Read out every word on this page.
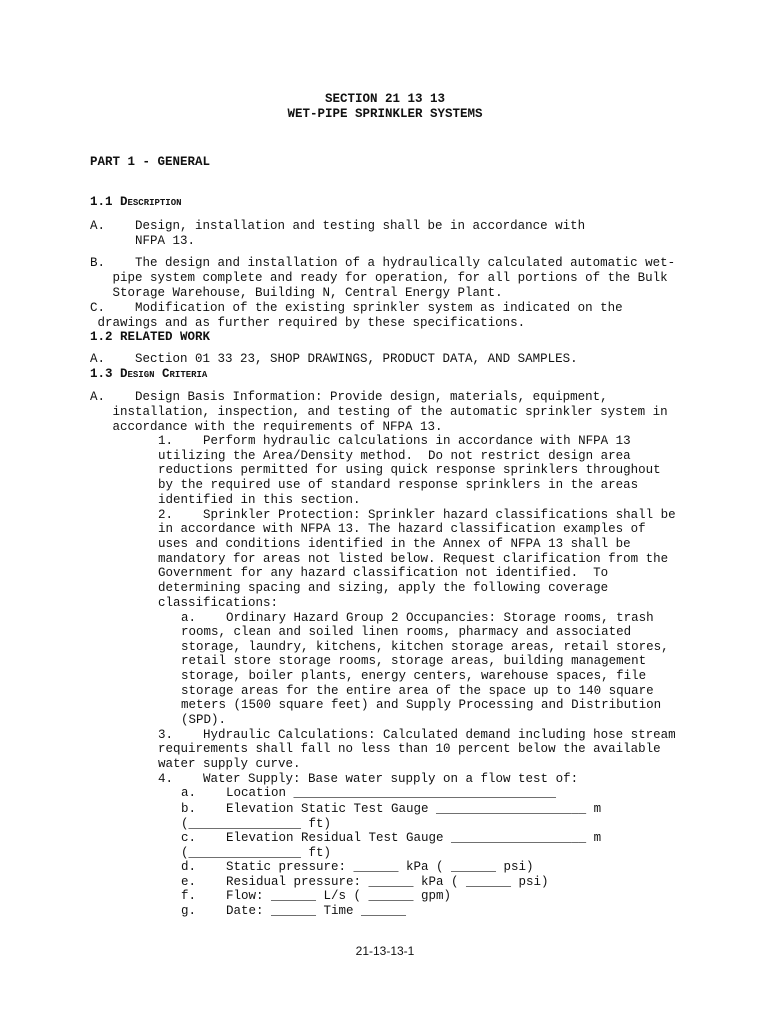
SECTION 21 13 13
WET-PIPE SPRINKLER SYSTEMS
PART 1 - GENERAL
1.1 Description
A.    Design, installation and testing shall be in accordance with
NFPA 13.
B.    The design and installation of a hydraulically calculated automatic wet-
pipe system complete and ready for operation, for all portions of the Bulk
Storage Warehouse, Building N, Central Energy Plant.
C.    Modification of the existing sprinkler system as indicated on the
drawings and as further required by these specifications.
1.2 RELATED WORK
A.    Section 01 33 23, SHOP DRAWINGS, PRODUCT DATA, AND SAMPLES.
1.3 Design Criteria
A.    Design Basis Information: Provide design, materials, equipment,
installation, inspection, and testing of the automatic sprinkler system in
accordance with the requirements of NFPA 13.
1.    Perform hydraulic calculations in accordance with NFPA 13
utilizing the Area/Density method.  Do not restrict design area
reductions permitted for using quick response sprinklers throughout
by the required use of standard response sprinklers in the areas
identified in this section.
2.    Sprinkler Protection: Sprinkler hazard classifications shall be
in accordance with NFPA 13. The hazard classification examples of
uses and conditions identified in the Annex of NFPA 13 shall be
mandatory for areas not listed below. Request clarification from the
Government for any hazard classification not identified.  To
determining spacing and sizing, apply the following coverage
classifications:
a.    Ordinary Hazard Group 2 Occupancies: Storage rooms, trash
rooms, clean and soiled linen rooms, pharmacy and associated
storage, laundry, kitchens, kitchen storage areas, retail stores,
retail store storage rooms, storage areas, building management
storage, boiler plants, energy centers, warehouse spaces, file
storage areas for the entire area of the space up to 140 square
meters (1500 square feet) and Supply Processing and Distribution
(SPD).
3.    Hydraulic Calculations: Calculated demand including hose stream
requirements shall fall no less than 10 percent below the available
water supply curve.
4.    Water Supply: Base water supply on a flow test of:
a.    Location ___________________________________
b.    Elevation Static Test Gauge ____________________ m
(_______________ ft)
c.    Elevation Residual Test Gauge __________________ m
(_______________ ft)
d.    Static pressure: ______ kPa ( ______ psi)
e.    Residual pressure: ______ kPa ( ______ psi)
f.    Flow: ______ L/s ( ______ gpm)
g.    Date: ______ Time ______
21-13-13-1
